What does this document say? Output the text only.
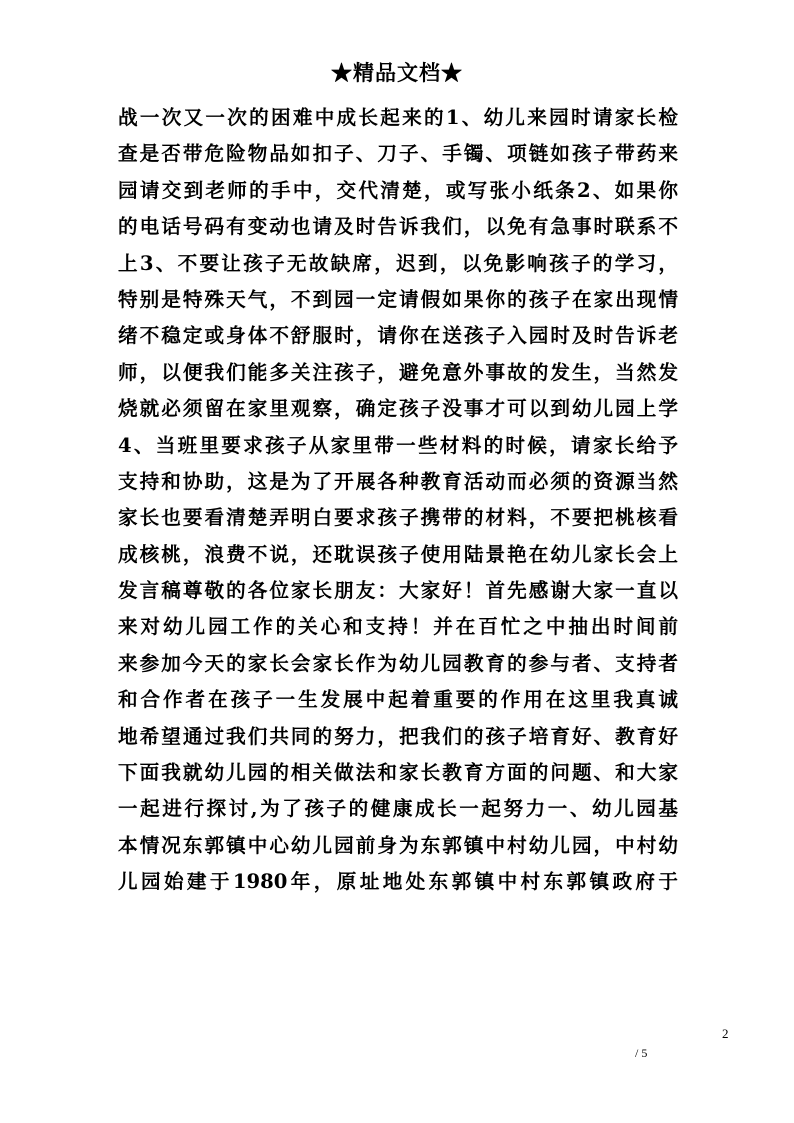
★精品文档★
战一次又一次的困难中成长起来的1、幼儿来园时请家长检
查是否带危险物品如扣子、刀子、手镯、项链如孩子带药来
园请交到老师的手中，交代清楚，或写张小纸条2、如果你
的电话号码有变动也请及时告诉我们，以免有急事时联系不
上3、不要让孩子无故缺席，迟到，以免影响孩子的学习，
特别是特殊天气，不到园一定请假如果你的孩子在家出现情
绪不稳定或身体不舒服时，请你在送孩子入园时及时告诉老
师，以便我们能多关注孩子，避免意外事故的发生，当然发
烧就必须留在家里观察，确定孩子没事才可以到幼儿园上学
4、当班里要求孩子从家里带一些材料的时候，请家长给予
支持和协助，这是为了开展各种教育活动而必须的资源当然
家长也要看清楚弄明白要求孩子携带的材料，不要把桃核看
成核桃，浪费不说，还耽误孩子使用陆景艳在幼儿家长会上
发言稿尊敬的各位家长朋友：大家好！首先感谢大家一直以
来对幼儿园工作的关心和支持！并在百忙之中抽出时间前
来参加今天的家长会家长作为幼儿园教育的参与者、支持者
和合作者在孩子一生发展中起着重要的作用在这里我真诚
地希望通过我们共同的努力，把我们的孩子培育好、教育好
下面我就幼儿园的相关做法和家长教育方面的问题、和大家
一起进行探讨,为了孩子的健康成长一起努力一、幼儿园基
本情况东郭镇中心幼儿园前身为东郭镇中村幼儿园，中村幼
儿园始建于1980年，原址地处东郭镇中村东郭镇政府于
2
/ 5
